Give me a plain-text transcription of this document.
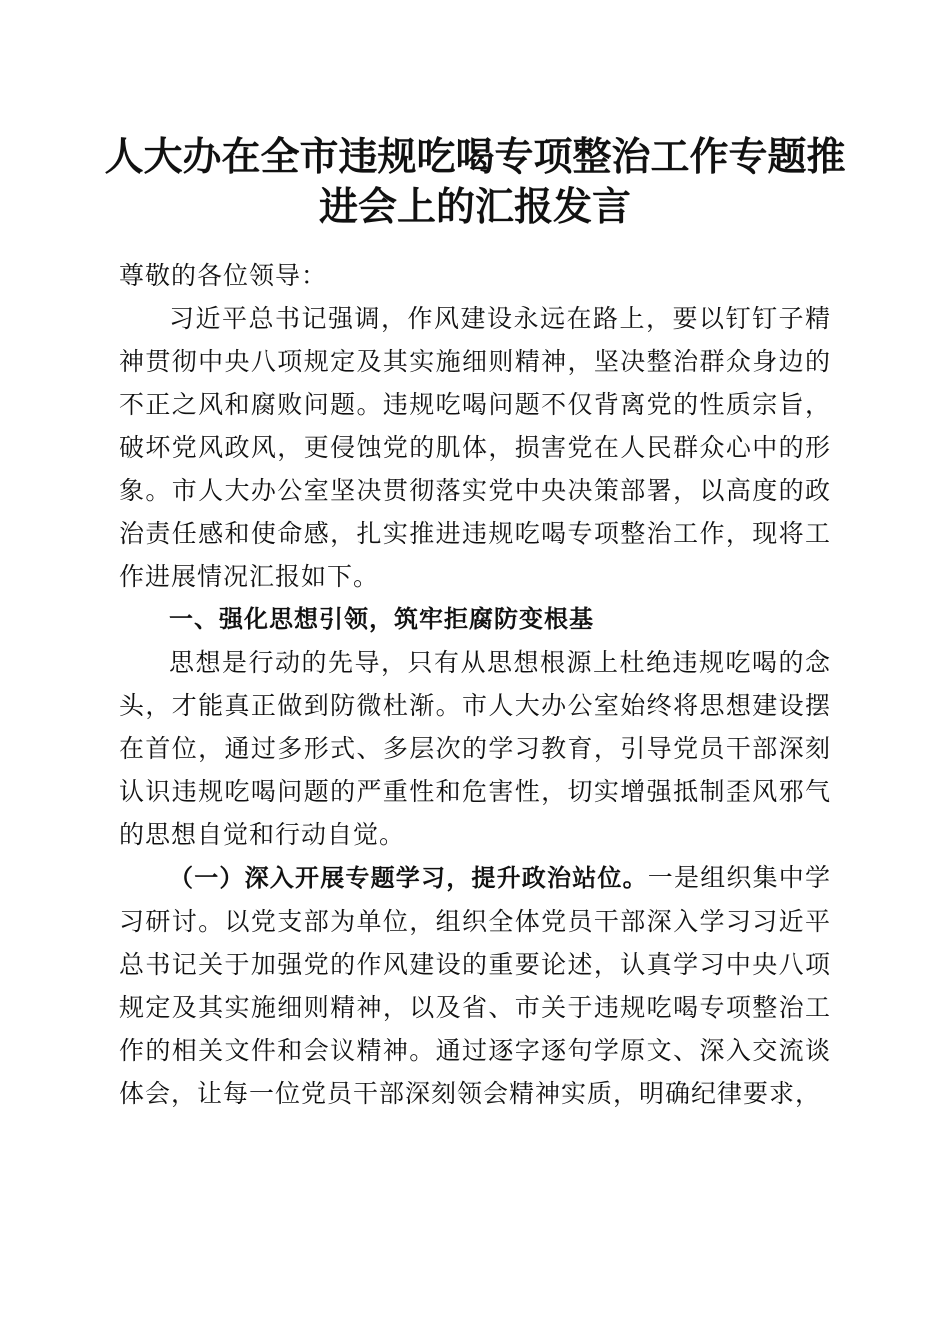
人大办在全市违规吃喝专项整治工作专题推进会上的汇报发言

尊敬的各位领导：

习近平总书记强调，作风建设永远在路上，要以钉钉子精神贯彻中央八项规定及其实施细则精神，坚决整治群众身边的不正之风和腐败问题。违规吃喝问题不仅背离党的性质宗旨，破坏党风政风，更侵蚀党的肌体，损害党在人民群众心中的形象。市人大办公室坚决贯彻落实党中央决策部署，以高度的政治责任感和使命感，扎实推进违规吃喝专项整治工作，现将工作进展情况汇报如下。

一、强化思想引领，筑牢拒腐防变根基

思想是行动的先导，只有从思想根源上杜绝违规吃喝的念头，才能真正做到防微杜渐。市人大办公室始终将思想建设摆在首位，通过多形式、多层次的学习教育，引导党员干部深刻认识违规吃喝问题的严重性和危害性，切实增强抵制歪风邪气的思想自觉和行动自觉。

（一）深入开展专题学习，提升政治站位。一是组织集中学习研讨。以党支部为单位，组织全体党员干部深入学习习近平总书记关于加强党的作风建设的重要论述，认真学习中央八项规定及其实施细则精神，以及省、市关于违规吃喝专项整治工作的相关文件和会议精神。通过逐字逐句学原文、深入交流谈体会，让每一位党员干部深刻领会精神实质，明确纪律要求，
